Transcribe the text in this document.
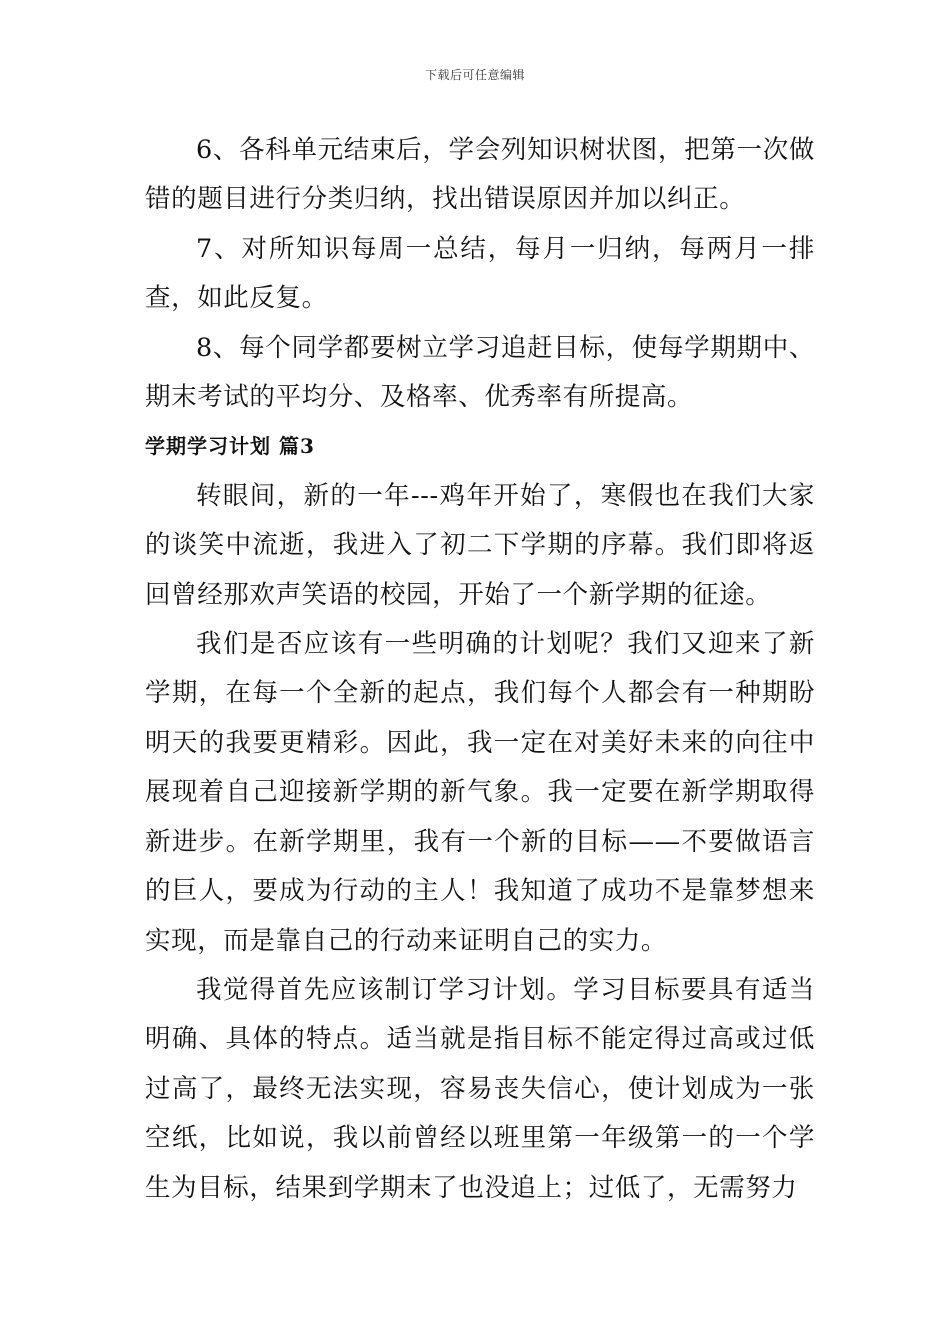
下载后可任意编辑

6、各科单元结束后，学会列知识树状图，把第一次做错的题目进行分类归纳，找出错误原因并加以纠正。

7、对所知识每周一总结，每月一归纳，每两月一排查，如此反复。

8、每个同学都要树立学习追赶目标，使每学期期中、期末考试的平均分、及格率、优秀率有所提高。

学期学习计划 篇3

转眼间，新的一年---鸡年开始了，寒假也在我们大家的谈笑中流逝，我进入了初二下学期的序幕。我们即将返回曾经那欢声笑语的校园，开始了一个新学期的征途。

我们是否应该有一些明确的计划呢？我们又迎来了新学期，在每一个全新的起点，我们每个人都会有一种期盼明天的我要更精彩。因此，我一定在对美好未来的向往中展现着自己迎接新学期的新气象。我一定要在新学期取得新进步。在新学期里，我有一个新的目标——不要做语言的巨人，要成为行动的主人！我知道了成功不是靠梦想来实现，而是靠自己的行动来证明自己的实力。

我觉得首先应该制订学习计划。学习目标要具有适当明确、具体的特点。适当就是指目标不能定得过高或过低过高了，最终无法实现，容易丧失信心，使计划成为一张空纸，比如说，我以前曾经以班里第一年级第一的一个学生为目标，结果到学期末了也没追上；过低了，无需努力
